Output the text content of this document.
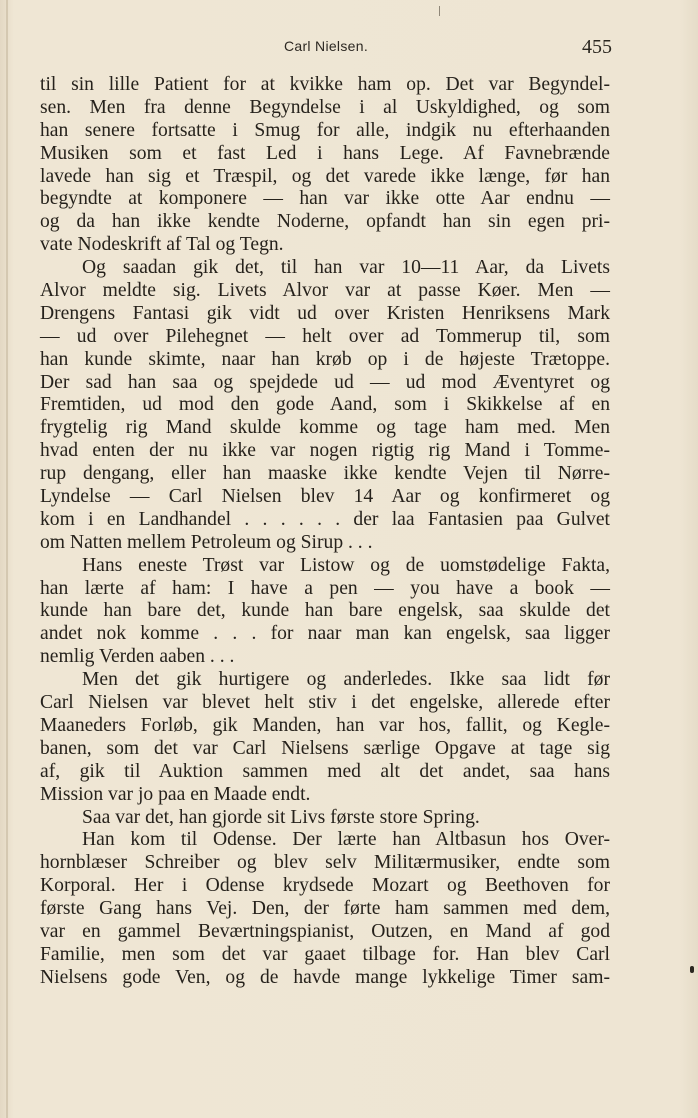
Carl Nielsen.	455
til sin lille Patient for at kvikke ham op. Det var Begyndel-
sen. Men fra denne Begyndelse i al Uskyldighed, og som
han senere fortsatte i Smug for alle, indgik nu efterhaanden
Musiken som et fast Led i hans Lege. Af Favnebrænde
lavede han sig et Træspil, og det varede ikke længe, før han
begyndte at komponere — han var ikke otte Aar endnu —
og da han ikke kendte Noderne, opfandt han sin egen pri-
vate Nodeskrift af Tal og Tegn.
Og saadan gik det, til han var 10—11 Aar, da Livets
Alvor meldte sig. Livets Alvor var at passe Køer. Men —
Drengens Fantasi gik vidt ud over Kristen Henriksens Mark
— ud over Pilehegnet — helt over ad Tommerup til, som
han kunde skimte, naar han krøb op i de højeste Trætoppe.
Der sad han saa og spejdede ud — ud mod Æventyret og
Fremtiden, ud mod den gode Aand, som i Skikkelse af en
frygtelig rig Mand skulde komme og tage ham med. Men
hvad enten der nu ikke var nogen rigtig rig Mand i Tomme-
rup dengang, eller han maaske ikke kendte Vejen til Nørre-
Lyndelse — Carl Nielsen blev 14 Aar og konfirmeret og
kom i en Landhandel . . . . . . der laa Fantasien paa Gulvet
om Natten mellem Petroleum og Sirup . . .
Hans eneste Trøst var Listow og de uomstødelige Fakta,
han lærte af ham: I have a pen — you have a book —
kunde han bare det, kunde han bare engelsk, saa skulde det
andet nok komme . . . for naar man kan engelsk, saa ligger
nemlig Verden aaben . . .
Men det gik hurtigere og anderledes. Ikke saa lidt før
Carl Nielsen var blevet helt stiv i det engelske, allerede efter
Maaneders Forløb, gik Manden, han var hos, fallit, og Kegle-
banen, som det var Carl Nielsens særlige Opgave at tage sig
af, gik til Auktion sammen med alt det andet, saa hans
Mission var jo paa en Maade endt.
Saa var det, han gjorde sit Livs første store Spring.
Han kom til Odense. Der lærte han Altbasun hos Over-
hornblæser Schreiber og blev selv Militærmusiker, endte som
Korporal. Her i Odense krydsede Mozart og Beethoven for
første Gang hans Vej. Den, der førte ham sammen med dem,
var en gammel Beværtningspianist, Outzen, en Mand af god
Familie, men som det var gaaet tilbage for. Han blev Carl
Nielsens gode Ven, og de havde mange lykkelige Timer sam-
